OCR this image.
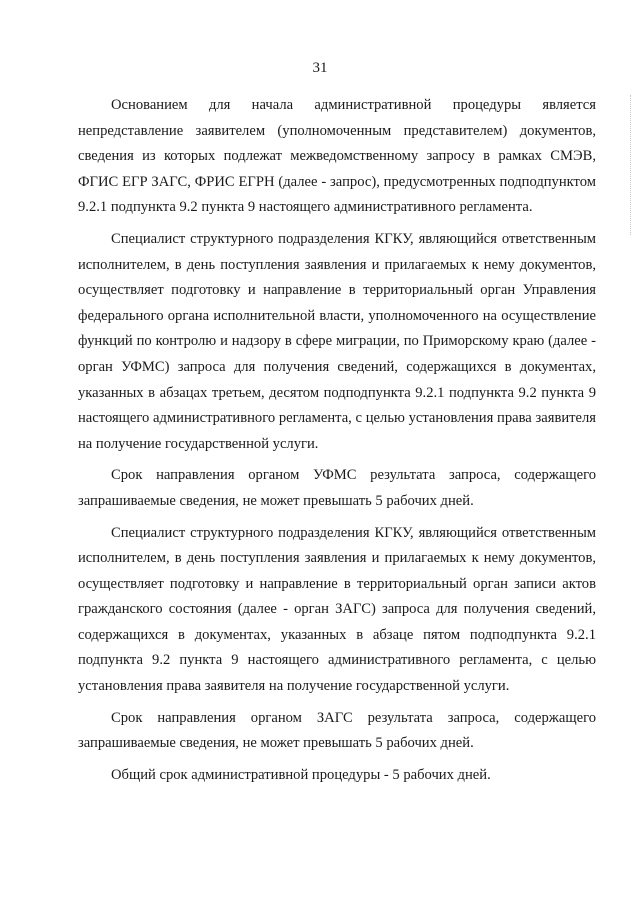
31

Основанием для начала административной процедуры является непредставление заявителем (уполномоченным представителем) документов, сведения из которых подлежат межведомственному запросу в рамках СМЭВ, ФГИС ЕГР ЗАГС, ФРИС ЕГРН (далее - запрос), предусмотренных подподпунктом 9.2.1 подпункта 9.2 пункта 9 настоящего административного регламента.

Специалист структурного подразделения КГКУ, являющийся ответственным исполнителем, в день поступления заявления и прилагаемых к нему документов, осуществляет подготовку и направление в территориальный орган Управления федерального органа исполнительной власти, уполномоченного на осуществление функций по контролю и надзору в сфере миграции, по Приморскому краю (далее - орган УФМС) запроса для получения сведений, содержащихся в документах, указанных в абзацах третьем, десятом подподпункта 9.2.1 подпункта 9.2 пункта 9 настоящего административного регламента, с целью установления права заявителя на получение государственной услуги.

Срок направления органом УФМС результата запроса, содержащего запрашиваемые сведения, не может превышать 5 рабочих дней.

Специалист структурного подразделения КГКУ, являющийся ответственным исполнителем, в день поступления заявления и прилагаемых к нему документов, осуществляет подготовку и направление в территориальный орган записи актов гражданского состояния (далее - орган ЗАГС) запроса для получения сведений, содержащихся в документах, указанных в абзаце пятом подподпункта 9.2.1 подпункта 9.2 пункта 9 настоящего административного регламента, с целью установления права заявителя на получение государственной услуги.

Срок направления органом ЗАГС результата запроса, содержащего запрашиваемые сведения, не может превышать 5 рабочих дней.

Общий срок административной процедуры - 5 рабочих дней.
